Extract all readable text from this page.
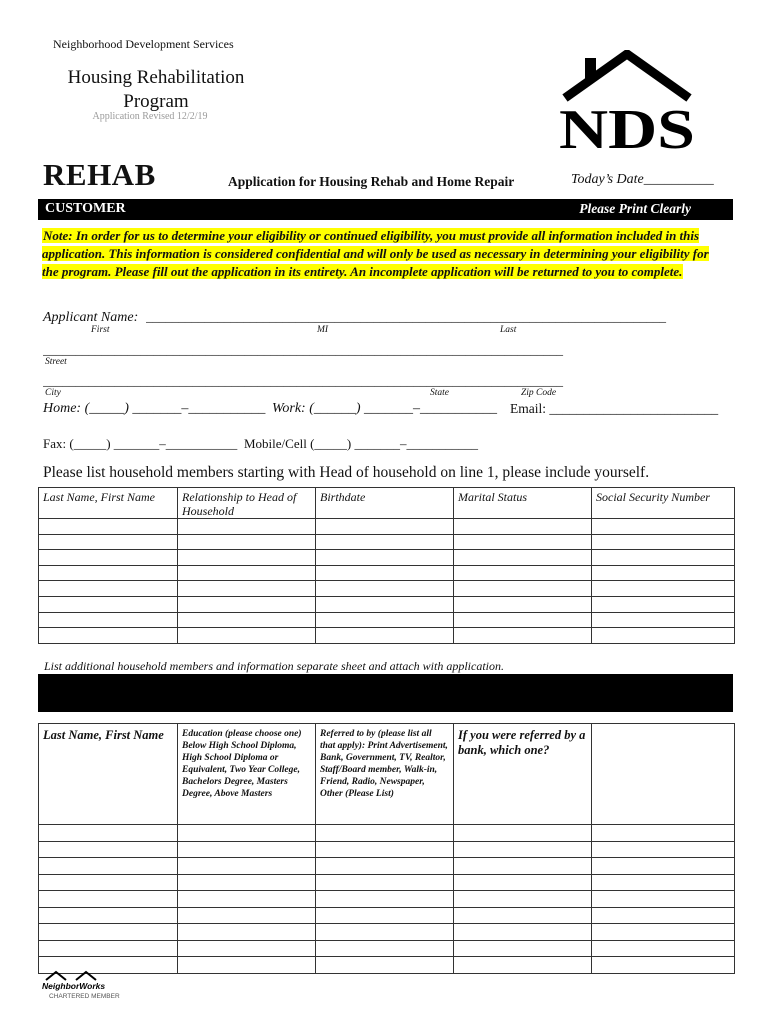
Neighborhood Development Services
Housing Rehabilitation Program
Application Revised 12/2/19	NDS
REHAB	Application for Housing Rehab and Home Repair	Today’s Date__________
CUSTOMER	Please Print Clearly
Note: In order for us to determine your eligibility or continued eligibility, you must provide all information included in this application. This information is considered confidential and will only be used as necessary in determining your eligibility for the program. Please fill out the application in its entirety. An incomplete application will be returned to you to complete.
Applicant Name: ________________________________________________________________________________
First	MI	Last
________________________________________________________________________________
Street
________________________________________________________________________________
City	State	Zip Code
Home: (_____) _______–___________ Work: (______) _______–___________ Email: _________________________
Fax: (_____) _______–___________ Mobile/Cell (_____) _______–___________
Please list household members starting with Head of household on line 1, please include yourself.
Last Name, First Name	Relationship to Head of Household	Birthdate	Marital Status	Social Security Number

List additional household members and information separate sheet and attach with application.
Last Name, First Name	Education (please choose one) Below High School Diploma, High School Diploma or Equivalent, Two Year College, Bachelors Degree, Masters Degree, Above Masters	Referred to by (please list all that apply): Print Advertisement, Bank, Government, TV, Realtor, Staff/Board member, Walk-in, Friend, Radio, Newspaper, Other (Please List)	If you were referred by a bank, which one?	

NeighborWorks
CHARTERED MEMBER
